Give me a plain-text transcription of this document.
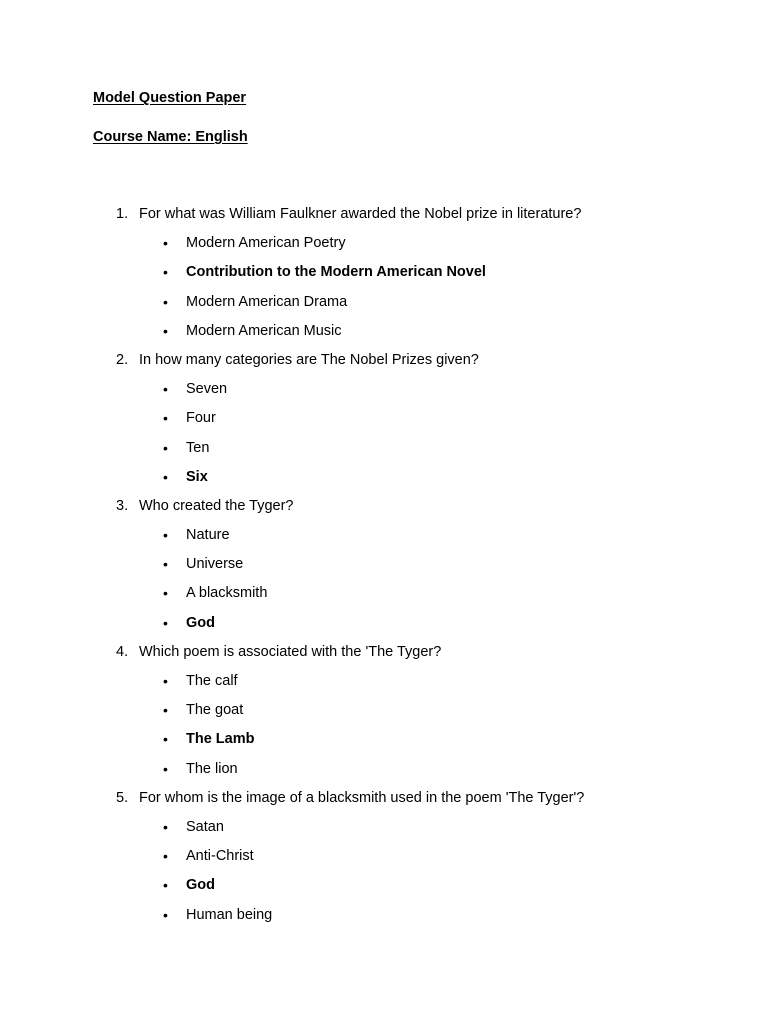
Model Question Paper
Course Name: English
1. For what was William Faulkner awarded the Nobel prize in literature?
• Modern American Poetry
• Contribution to the Modern American Novel
• Modern American Drama
• Modern American Music
2. In how many categories are The Nobel Prizes given?
• Seven
• Four
• Ten
• Six
3. Who created the Tyger?
• Nature
• Universe
• A blacksmith
• God
4. Which poem is associated with the 'The Tyger?
• The calf
• The goat
• The Lamb
• The lion
5. For whom is the image of a blacksmith used in the poem 'The Tyger'?
• Satan
• Anti-Christ
• God
• Human being
